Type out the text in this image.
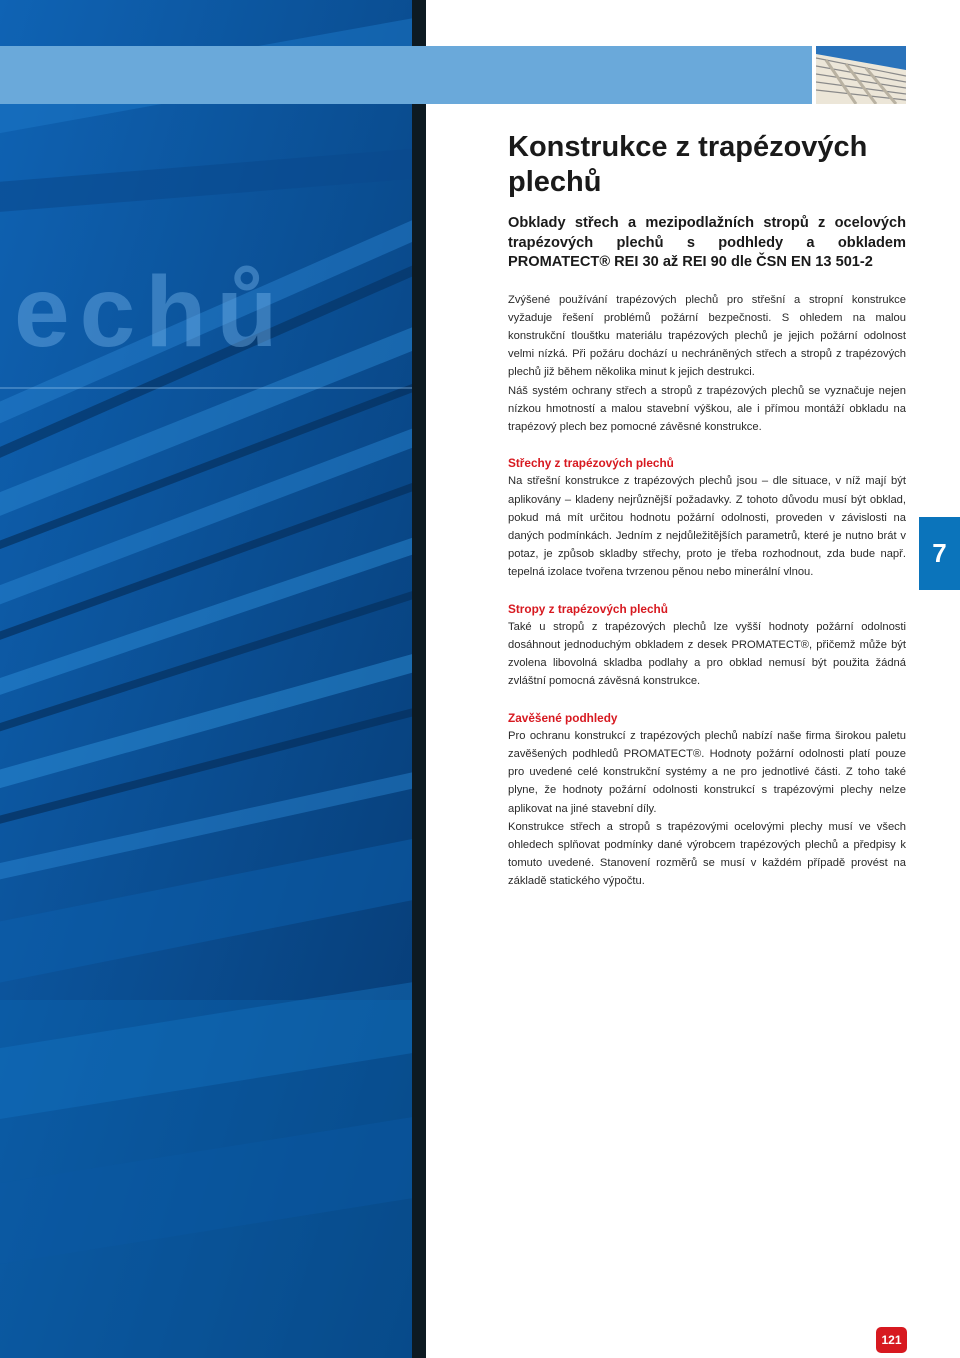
echů
Konstrukce z trapézových plechů
Obklady střech a mezipodlažních stropů z ocelových trapézových plechů s podhledy a obkladem PROMATECT® REI 30 až REI 90 dle ČSN EN 13 501-2

Zvýšené používání trapézových plechů pro střešní a stropní konstrukce vyžaduje řešení problémů požární bezpečnosti. S ohledem na malou konstrukční tlouštku materiálu trapézových plechů je jejich požární odolnost velmi nízká. Při požáru dochází u nechráněných střech a stropů z trapézových plechů již během několika minut k jejich destrukci.

Náš systém ochrany střech a stropů z trapézových plechů se vyznačuje nejen nízkou hmotností a malou stavební výškou, ale i přímou montáží obkladu na trapézový plech bez pomocné závěsné konstrukce.

Střechy z trapézových plechů

Na střešní konstrukce z trapézových plechů jsou – dle situace, v níž mají být aplikovány – kladeny nejrůznější požadavky. Z tohoto důvodu musí být obklad, pokud má mít určitou hodnotu požární odolnosti, proveden v závislosti na daných podmínkách. Jedním z nejdůležitějších parametrů, které je nutno brát v potaz, je způsob skladby střechy, proto je třeba rozhodnout, zda bude např. tepelná izolace tvořena tvrzenou pěnou nebo minerální vlnou.

Stropy z trapézových plechů

Také u stropů z trapézových plechů lze vyšší hodnoty požární odolnosti dosáhnout jednoduchým obkladem z desek PROMATECT®, přičemž může být zvolena libovolná skladba podlahy a pro obklad nemusí být použita žádná zvláštní pomocná závěsná konstrukce.

Zavěšené podhledy

Pro ochranu konstrukcí z trapézových plechů nabízí naše firma širokou paletu zavěšených podhledů PROMATECT®. Hodnoty požární odolnosti platí pouze pro uvedené celé konstrukční systémy a ne pro jednotlivé části. Z toho také plyne, že hodnoty požární odolnosti konstrukcí s trapézovými plechy nelze aplikovat na jiné stavební díly.

Konstrukce střech a stropů s trapézovými ocelovými plechy musí ve všech ohledech splňovat podmínky dané výrobcem trapézových plechů a předpisy k tomuto uvedené. Stanovení rozměrů se musí v každém případě provést na základě statického výpočtu.

7
121
